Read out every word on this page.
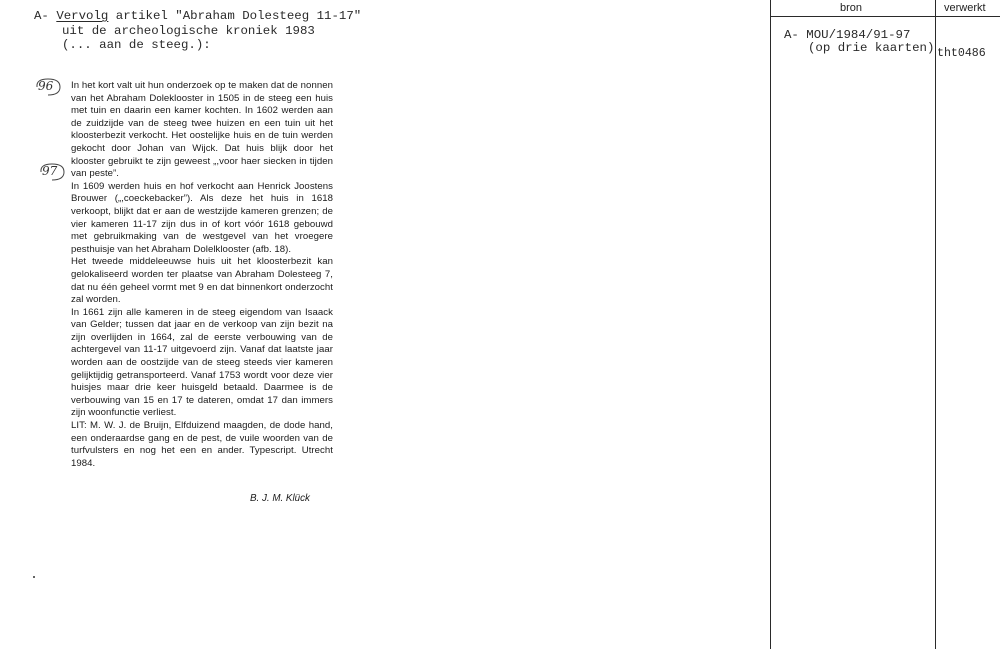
A- Vervolg artikel "Abraham Dolesteeg 11-17"
uit de archeologische kroniek 1983
(... aan de steeg.):
96
97

In het kort valt uit hun onderzoek op te maken dat de nonnen van het Abraham Doleklooster in 1505 in de steeg een huis met tuin en daarin een kamer kochten. In 1602 werden aan de zuidzijde van de steeg twee huizen en een tuin uit het kloosterbezit verkocht. Het oostelijke huis en de tuin werden gekocht door Johan van Wijck. Dat huis blijk door het klooster gebruikt te zijn geweest „,voor haer siecken in tijden van peste”.

In 1609 werden huis en hof verkocht aan Henrick Joostens Brouwer („,coeckebacker”). Als deze het huis in 1618 verkoopt, blijkt dat er aan de westzijde kameren grenzen; de vier kameren 11-17 zijn dus in of kort vóór 1618 gebouwd met gebruikmaking van de westgevel van het vroegere pesthuisje van het Abraham Dolelklooster (afb. 18).

Het tweede middeleeuwse huis uit het kloosterbezit kan gelokaliseerd worden ter plaatse van Abraham Dolesteeg 7, dat nu één geheel vormt met 9 en dat binnenkort onderzocht zal worden.

In 1661 zijn alle kameren in de steeg eigendom van Isaack van Gelder; tussen dat jaar en de verkoop van zijn bezit na zijn overlijden in 1664, zal de eerste verbouwing van de achtergevel van 11-17 uitgevoerd zijn. Vanaf dat laatste jaar worden aan de oostzijde van de steeg steeds vier kameren gelijktijdig getransporteerd. Vanaf 1753 wordt voor deze vier huisjes maar drie keer huisgeld betaald. Daarmee is de verbouwing van 15 en 17 te dateren, omdat 17 dan immers zijn woonfunctie verliest.

LIT: M. W. J. de Bruijn, Elfduizend maagden, de dode hand, een onderaardse gang en de pest, de vuile woorden van de turfvulsters en nog het een en ander. Typescript. Utrecht 1984.

B. J. M. Klück
bron	verwerkt
A- MOU/1984/91-97
(op drie kaarten) tht0486
